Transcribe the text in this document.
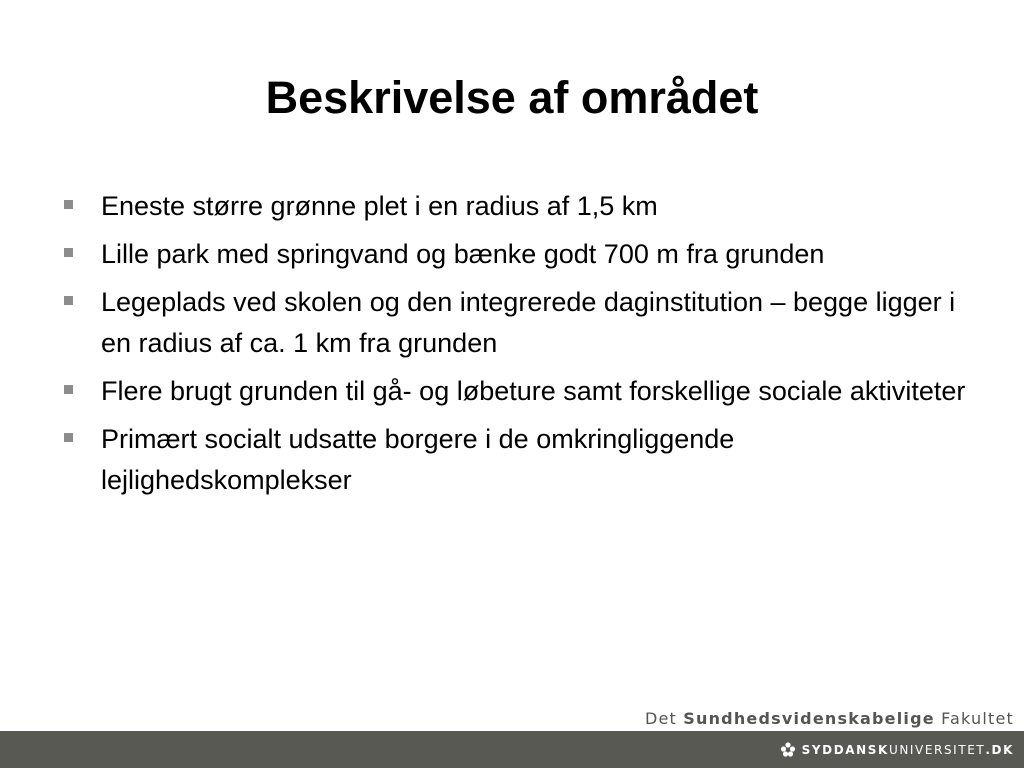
Beskrivelse af området
Eneste større grønne plet i en radius af 1,5 km
Lille park med springvand og bænke godt 700 m fra grunden
Legeplads ved skolen og den integrerede daginstitution – begge ligger i en radius af ca. 1 km fra grunden
Flere brugt grunden til gå- og løbeture samt forskellige sociale aktiviteter
Primært socialt udsatte borgere i de omkringliggende lejlighedskomplekser
Det Sundhedsvidenskabelige Fakultet
SYDDANSK UNIVERSITET .DK
